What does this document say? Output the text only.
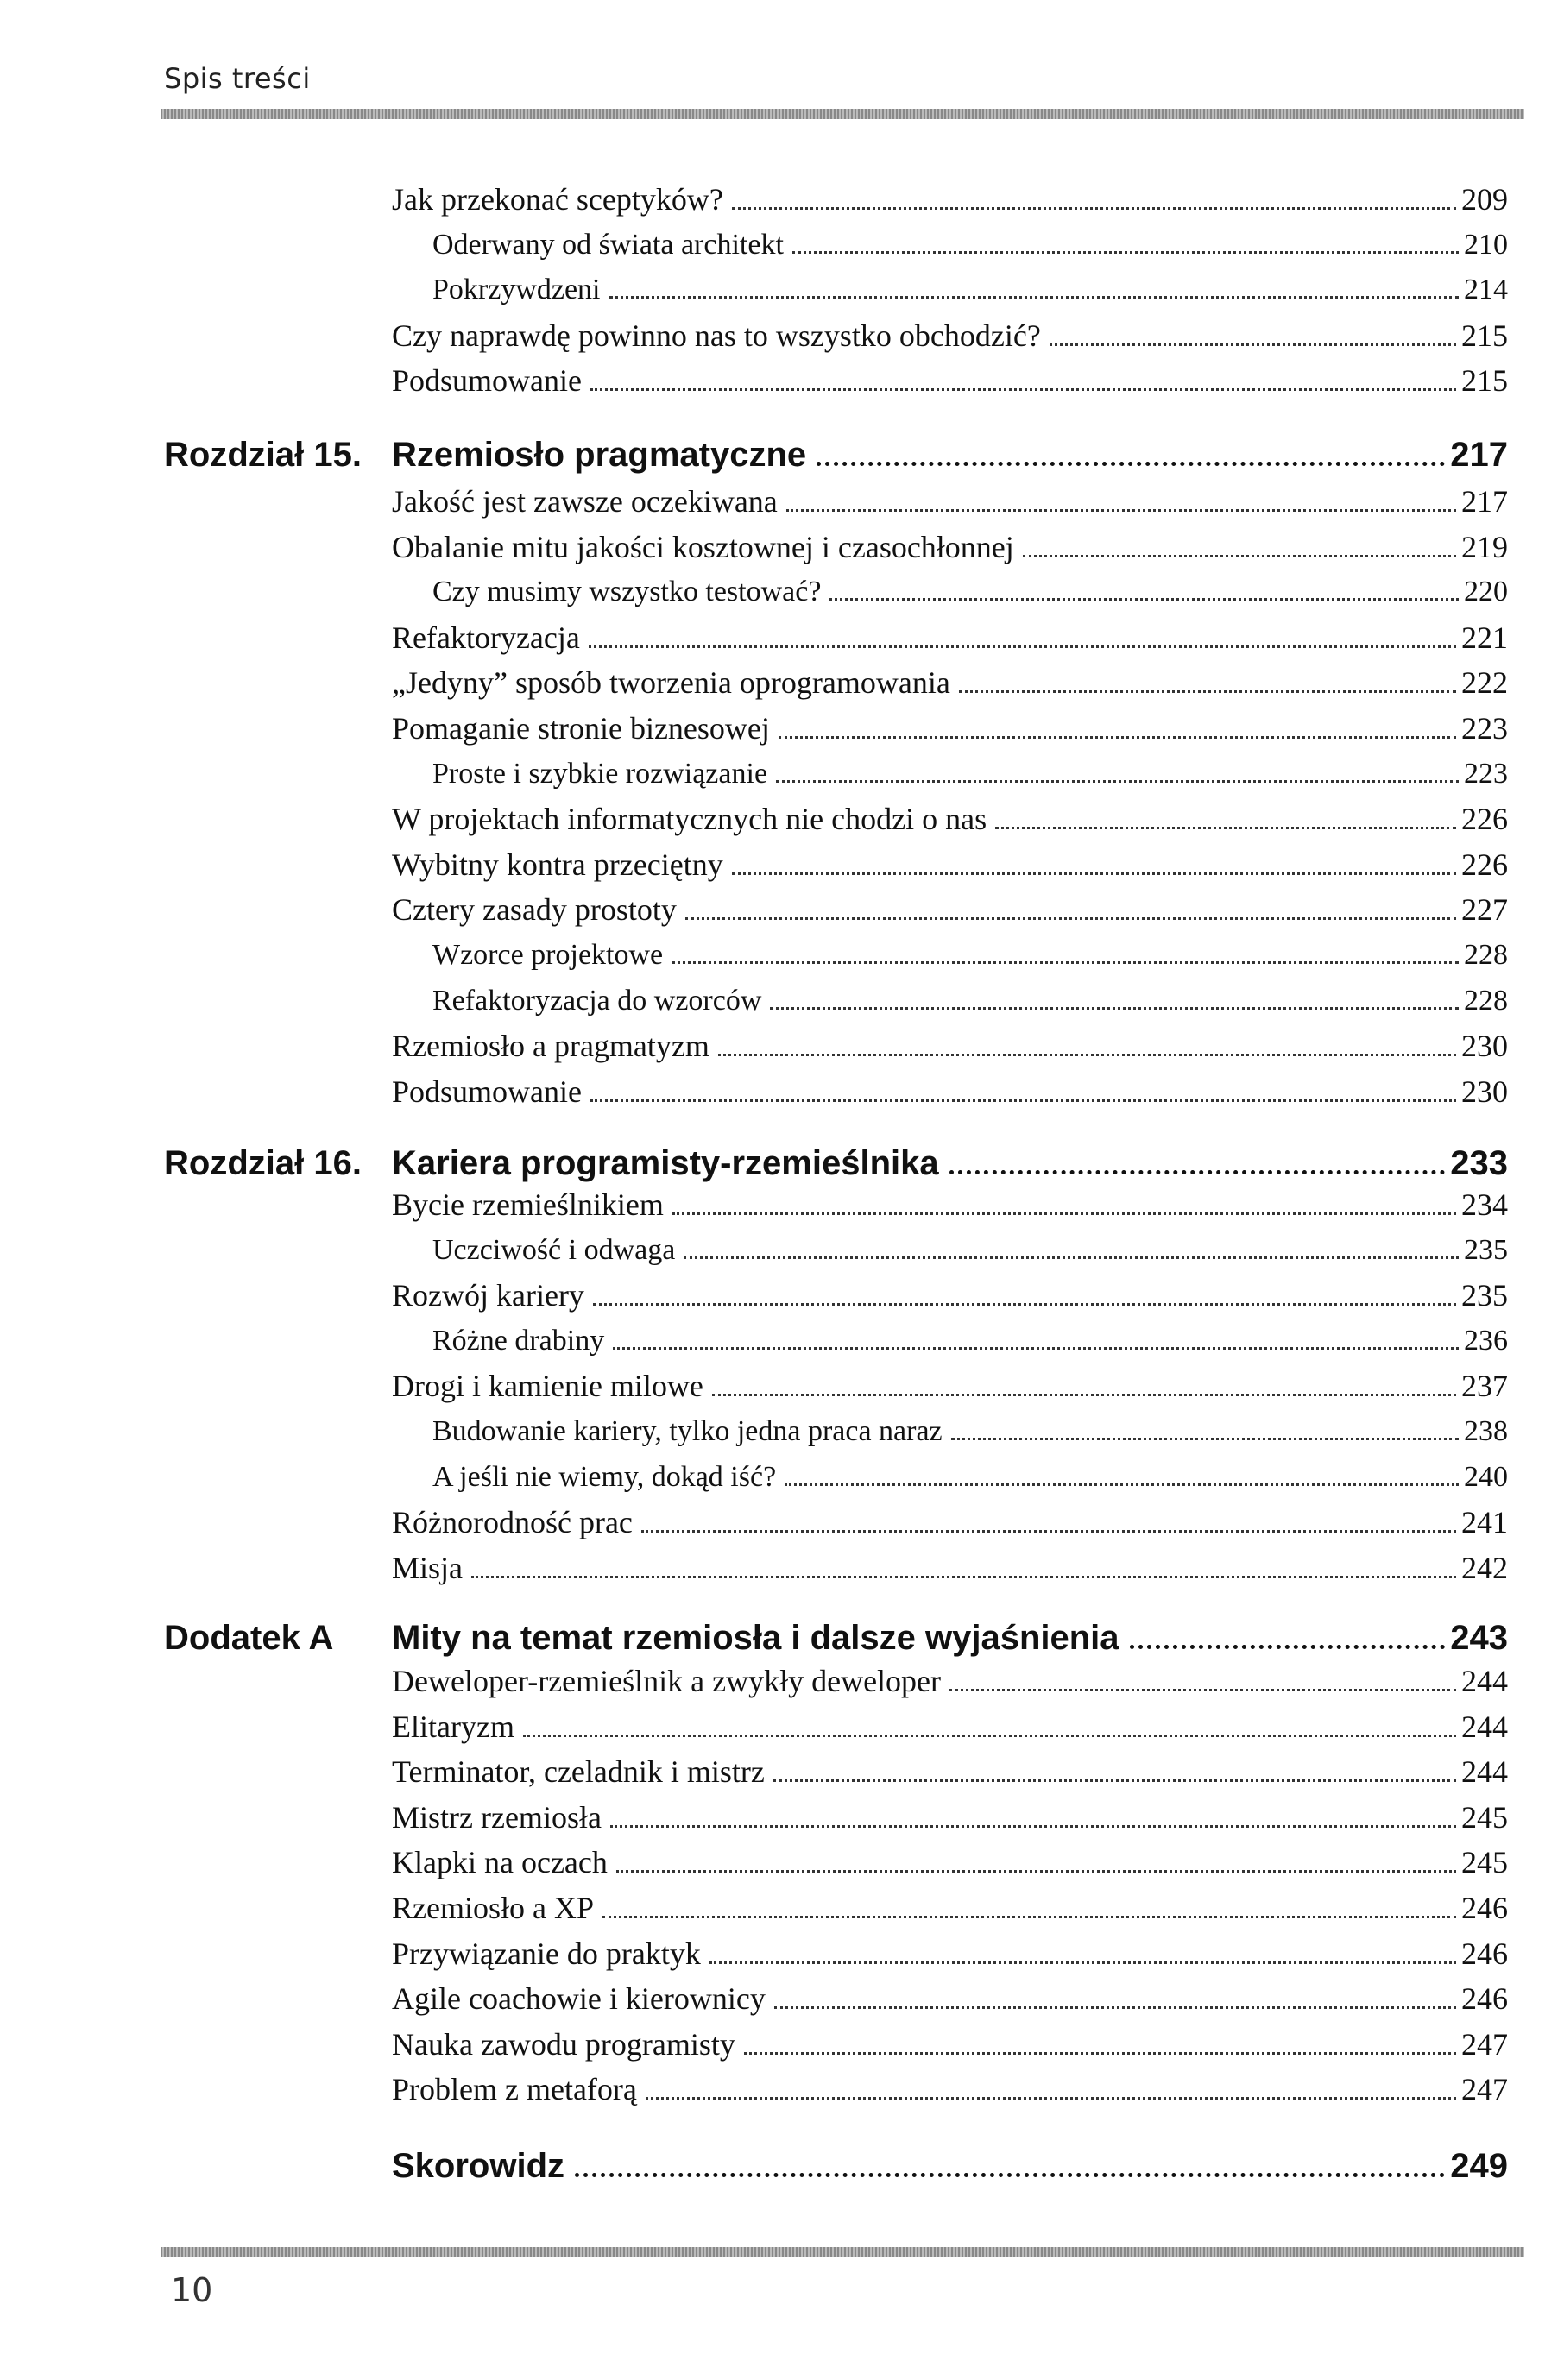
Spis treści
Jak przekonać sceptyków?	209
Oderwany od świata architekt	210
Pokrzywdzeni	214
Czy naprawdę powinno nas to wszystko obchodzić?	215
Podsumowanie	215
Rozdział 15. Rzemiosło pragmatyczne	217
Jakość jest zawsze oczekiwana	217
Obalanie mitu jakości kosztownej i czasochłonnej	219
Czy musimy wszystko testować?	220
Refaktoryzacja	221
„Jedyny” sposób tworzenia oprogramowania	222
Pomaganie stronie biznesowej	223
Proste i szybkie rozwiązanie	223
W projektach informatycznych nie chodzi o nas	226
Wybitny kontra przeciętny	226
Cztery zasady prostoty	227
Wzorce projektowe	228
Refaktoryzacja do wzorców	228
Rzemiosło a pragmatyzm	230
Podsumowanie	230
Rozdział 16. Kariera programisty-rzemieślnika	233
Bycie rzemieślnikiem	234
Uczciwość i odwaga	235
Rozwój kariery	235
Różne drabiny	236
Drogi i kamienie milowe	237
Budowanie kariery, tylko jedna praca naraz	238
A jeśli nie wiemy, dokąd iść?	240
Różnorodność prac	241
Misja	242
Dodatek A	Mity na temat rzemiosła i dalsze wyjaśnienia	243
Deweloper-rzemieślnik a zwykły deweloper	244
Elitaryzm	244
Terminator, czeladnik i mistrz	244
Mistrz rzemiosła	245
Klapki na oczach	245
Rzemiosło a XP	246
Przywiązanie do praktyk	246
Agile coachowie i kierownicy	246
Nauka zawodu programisty	247
Problem z metaforą	247
Skorowidz	249
10
